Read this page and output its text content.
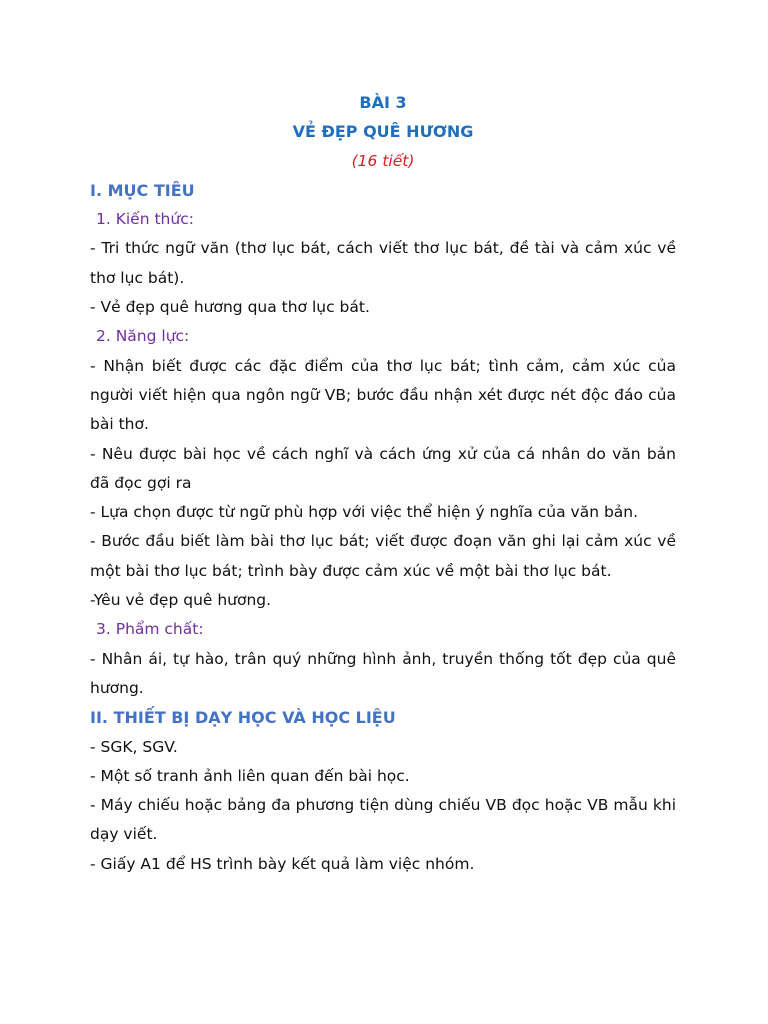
BÀI 3
VẺ ĐẸP QUÊ HƯƠNG
(16 tiết)
I. MỤC TIÊU
1. Kiến thức:

- Tri thức ngữ văn (thơ lục bát, cách viết thơ lục bát, đề tài và cảm xúc về thơ lục bát).

- Vẻ đẹp quê hương qua thơ lục bát.

2. Năng lực:

- Nhận biết được các đặc điểm của thơ lục bát; tình cảm, cảm xúc của người viết hiện qua ngôn ngữ VB; bước đầu nhận xét được nét độc đáo của bài thơ.

- Nêu được bài học về cách nghĩ và cách ứng xử của cá nhân do văn bản đã đọc gợi ra

- Lựa chọn được từ ngữ phù hợp với việc thể hiện ý nghĩa của văn bản.

- Bước đầu biết làm bài thơ lục bát; viết được đoạn văn ghi lại cảm xúc về một bài thơ lục bát; trình bày được cảm xúc về một bài thơ lục bát.

-Yêu vẻ đẹp quê hương.

3. Phẩm chất:

- Nhân ái, tự hào, trân quý những hình ảnh, truyền thống tốt đẹp của quê hương.

II. THIẾT BỊ DẠY HỌC VÀ HỌC LIỆU

- SGK, SGV.

- Một số tranh ảnh liên quan đến bài học.

- Máy chiếu hoặc bảng đa phương tiện dùng chiếu VB đọc hoặc VB mẫu khi dạy viết.

- Giấy A1 để HS trình bày kết quả làm việc nhóm.
